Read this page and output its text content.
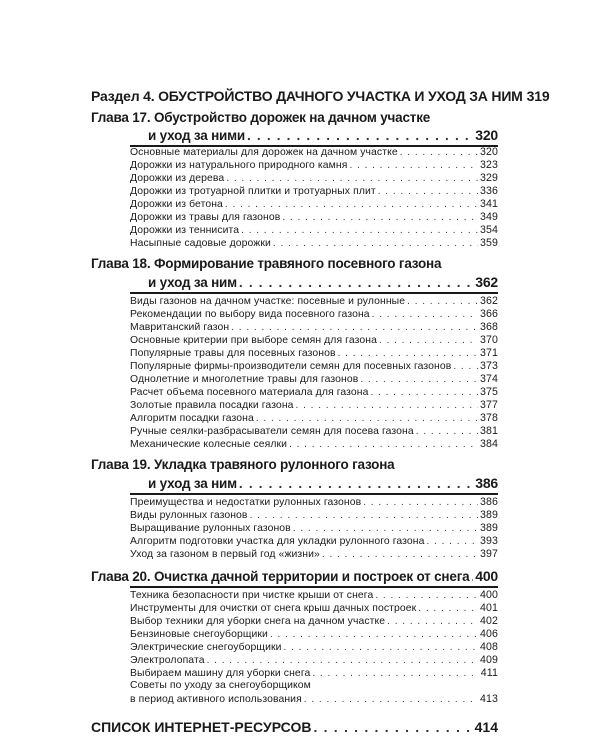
Раздел 4. ОБУСТРОЙСТВО ДАЧНОГО УЧАСТКА И УХОД ЗА НИМ 319
Глава 17. Обустройство дорожек на дачном участке
и уход за ними . . .	320
Основные материалы для дорожек на дачном участке . . .	320
Дорожки из натуральнoго природного камня . . .	323
Дорожки из дерева . . .	329
Дорожки из тротуарной плитки и тротуарных плит . . .	336
Дорожки из бетона . . .	341
Дорожки из травы для газонов . . .	349
Дорожки из теннисита . . .	354
Насыпные садовые дорожки . . .	359
Глава 18. Формирование травяного посевного газона
и уход за ним . . .	362
Виды газонов на дачном участке: посевные и рулонные . . .	362
Рекомендации по выбору вида посевного газона . . .	366
Мавританский газон . . .	368
Основные критерии при выборе семян для газона . . .	370
Популярные травы для посевных газонов . . .	371
Популярные фирмы-производители семян для посевных газонов . . .	373
Однолетние и многолетние травы для газонов . . .	374
Расчет объема посевного материала для газона . . .	375
Золотые правила посадки газона . . .	377
Алгоритм посадки газона . . .	378
Ручные сеялки-разбрасыватели семян для посева газона . . .	381
Механические колесные сеялки . . .	384
Глава 19. Укладка травяного рулонного газона
и уход за ним . . .	386
Преимущества и недостатки рулонных газонов . . .	386
Виды рулонных газонов . . .	389
Выращивание рулонных газонов . . .	389
Алгоритм подготовки участка для укладки рулонного газона . . .	393
Уход за газоном в первый год «жизни» . . .	397
Глава 20. Очистка дачной территории и построек от снега . . . 400
Техника безопасности при чистке крыши от снега . . .	400
Инструменты для очистки от снега крыш дачных построек . . .	401
Выбор техники для уборки снега на дачном участке . . .	402
Бензиновые снегоуборщики . . .	406
Электрические снегоуборщики . . .	408
Электролопата . . .	409
Выбираем машину для уборки снега . . .	411
Советы по уходу за снегоуборщиком
в период активного использования . . .	413
СПИСОК ИНТЕРНЕТ-РЕСУРСОВ . . .	414
